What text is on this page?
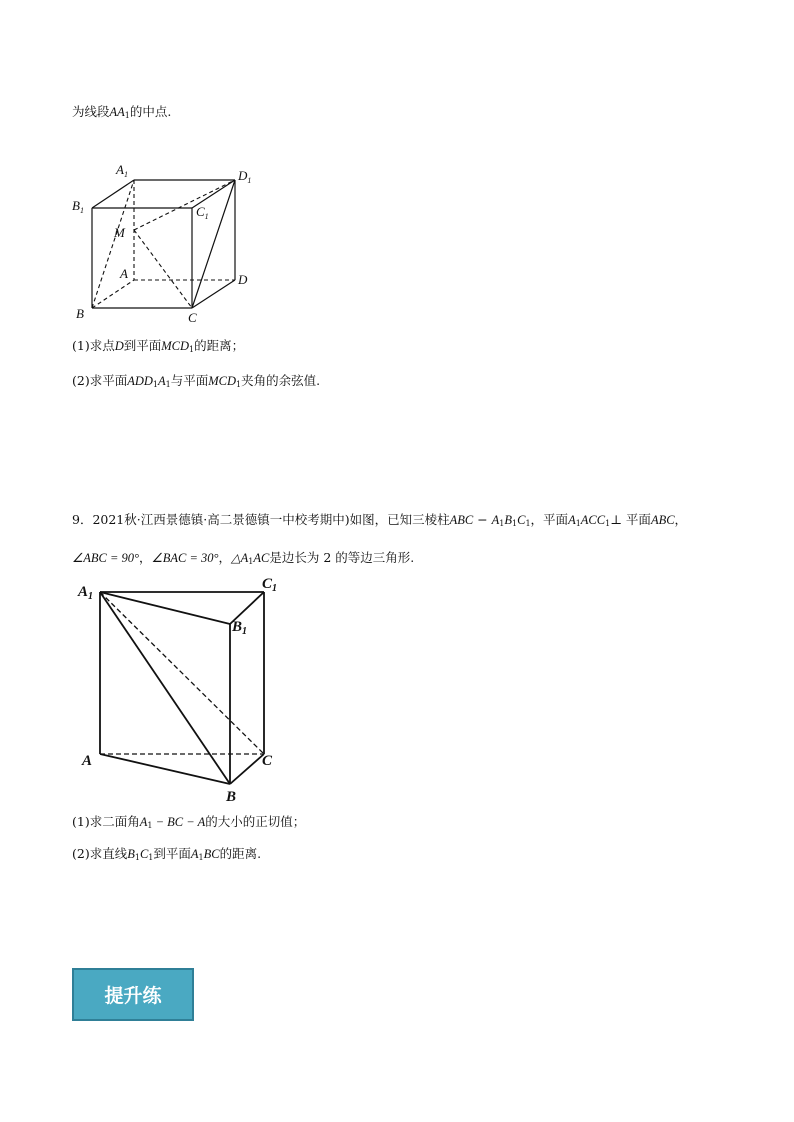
为线段$AA_1$的中点.
$A_1$	$D_1$
$B_1$	$C_1$
M
A	D
B	C
(1)求点D到平面$MCD_1$的距离；
(2)求平面$ADD_1A_1$与平面$MCD_1$夹角的余弦值.
9．2021秋·江西景德镇·高二景德镇一中校考期中)如图，已知三棱柱ABC − $A_1B_1C_1$，平面$A_1ACC_1\perp$ 平面ABC，
∠ABC = 90°，∠BAC = 30°，$\triangle A_1AC$是边长为 2 的等边三角形.
$A_1$
$C_1$
$B_1$
A	C
B
(1)求二面角$A_1$ − BC − A的大小的正切值；
(2)求直线$B_1C_1$到平面$A_1BC$的距离.
提升练
